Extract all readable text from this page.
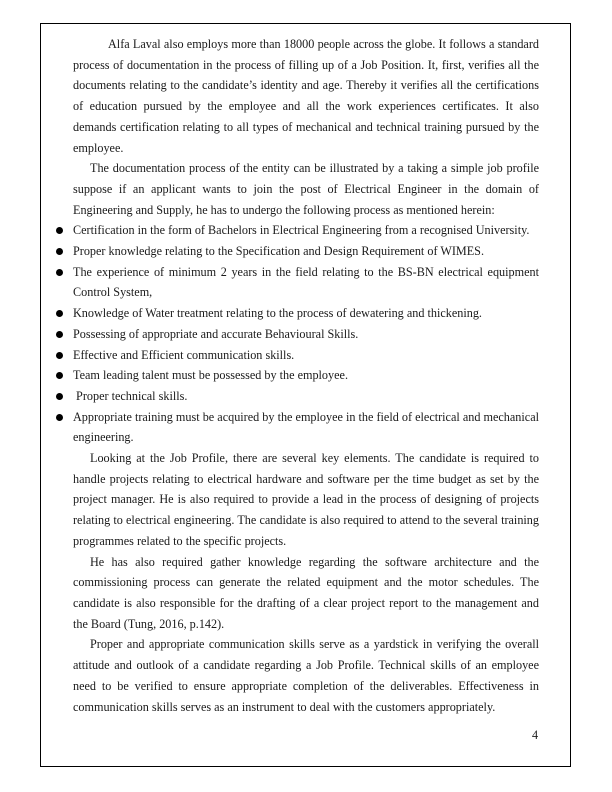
Alfa Laval also employs more than 18000 people across the globe. It follows a standard process of documentation in the process of filling up of a Job Position. It, first, verifies all the documents relating to the candidate’s identity and age. Thereby it verifies all the certifications of education pursued by the employee and all the work experiences certificates. It also demands certification relating to all types of mechanical and technical training pursued by the employee.

The documentation process of the entity can be illustrated by a taking a simple job profile suppose if an applicant wants to join the post of Electrical Engineer in the domain of Engineering and Supply, he has to undergo the following process as mentioned herein:

Certification in the form of Bachelors in Electrical Engineering from a recognised University.
Proper knowledge relating to the Specification and Design Requirement of WIMES.
The experience of minimum 2 years in the field relating to the BS-BN electrical equipment Control System,
Knowledge of Water treatment relating to the process of dewatering and thickening.
Possessing of appropriate and accurate Behavioural Skills.
Effective and Efficient communication skills.
Team leading talent must be possessed by the employee.
Proper technical skills.
Appropriate training must be acquired by the employee in the field of electrical and mechanical engineering.

Looking at the Job Profile, there are several key elements. The candidate is required to handle projects relating to electrical hardware and software per the time budget as set by the project manager. He is also required to provide a lead in the process of designing of projects relating to electrical engineering. The candidate is also required to attend to the several training programmes related to the specific projects.

He has also required gather knowledge regarding the software architecture and the commissioning process can generate the related equipment and the motor schedules. The candidate is also responsible for the drafting of a clear project report to the management and the Board (Tung, 2016, p.142).

Proper and appropriate communication skills serve as a yardstick in verifying the overall attitude and outlook of a candidate regarding a Job Profile. Technical skills of an employee need to be verified to ensure appropriate completion of the deliverables. Effectiveness in communication skills serves as an instrument to deal with the customers appropriately.

4
